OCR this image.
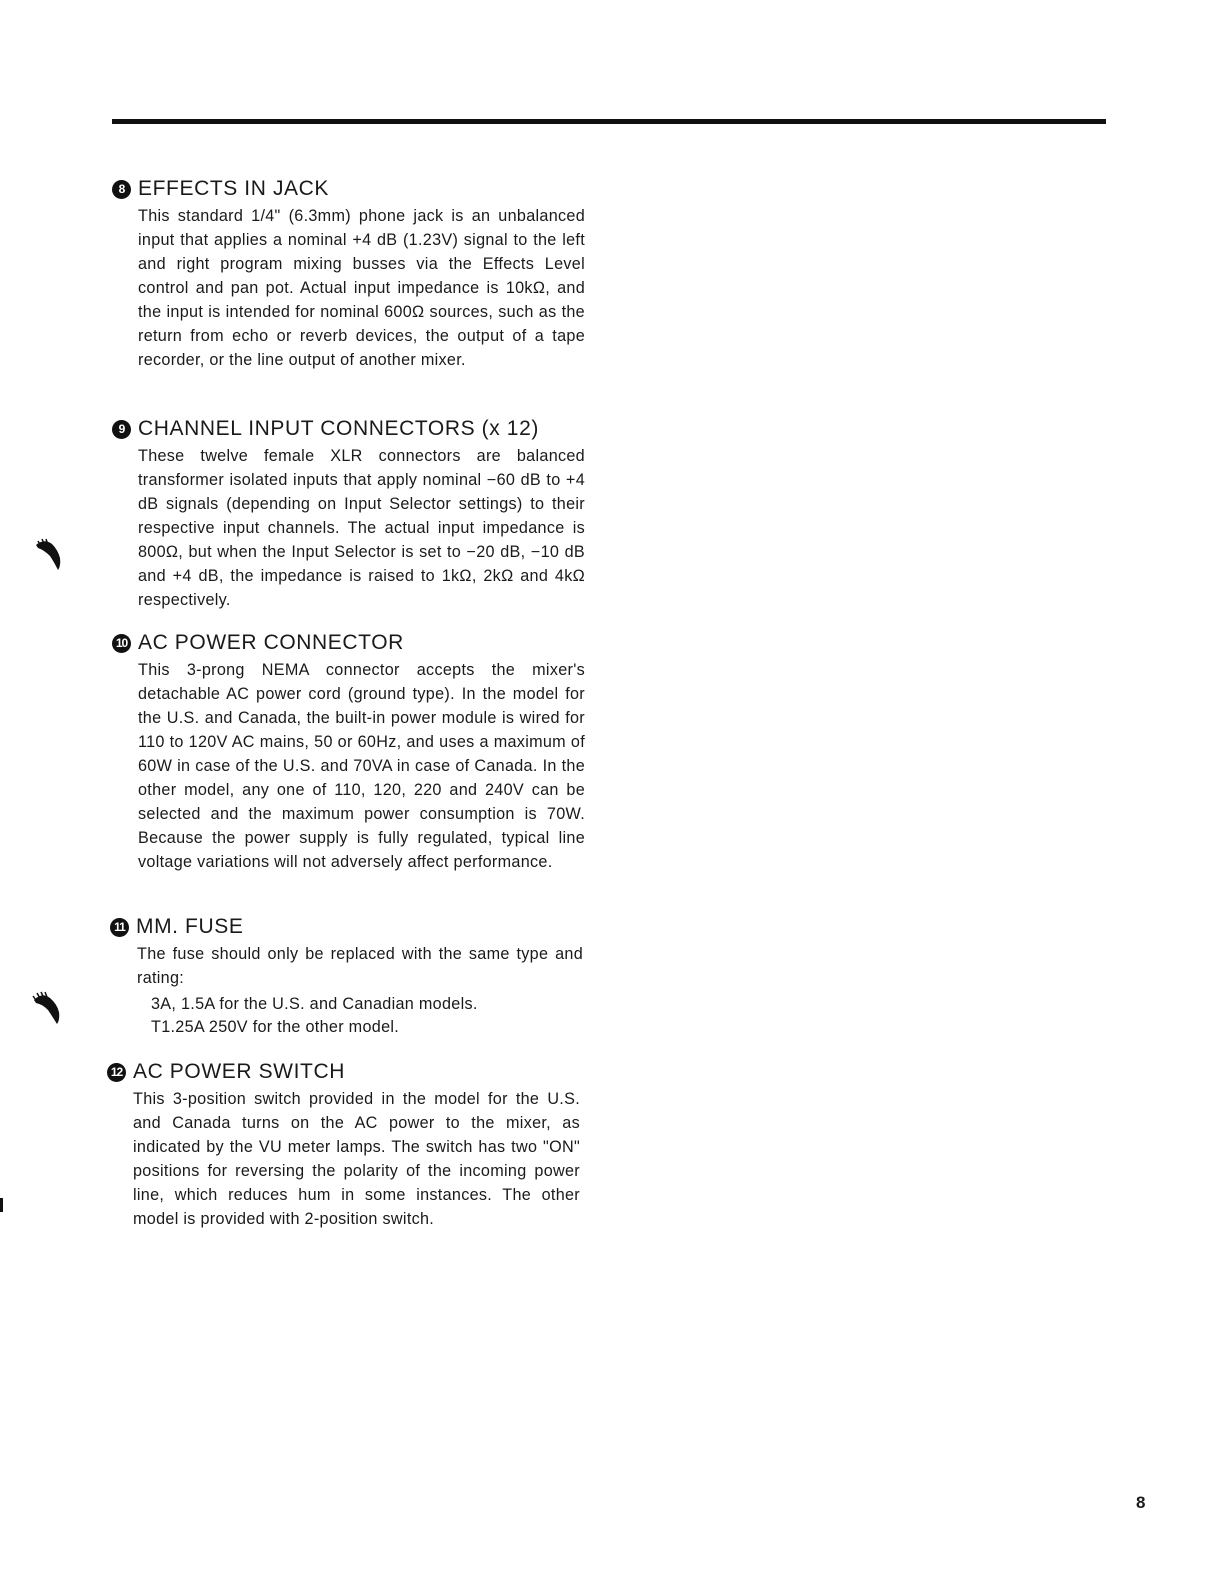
8 EFFECTS IN JACK

This standard 1/4" (6.3mm) phone jack is an unbalanced input that applies a nominal +4 dB (1.23V) signal to the left and right program mixing busses via the Effects Level control and pan pot. Actual input impedance is 10kΩ, and the input is intended for nominal 600Ω sources, such as the return from echo or reverb devices, the output of a tape recorder, or the line output of another mixer.

9 CHANNEL INPUT CONNECTORS (x 12)

These twelve female XLR connectors are balanced transformer isolated inputs that apply nominal −60 dB to +4 dB signals (depending on Input Selector settings) to their respective input channels. The actual input impedance is 800Ω, but when the Input Selector is set to −20 dB, −10 dB and +4 dB, the impedance is raised to 1kΩ, 2kΩ and 4kΩ respectively.

10 AC POWER CONNECTOR

This 3-prong NEMA connector accepts the mixer's detachable AC power cord (ground type). In the model for the U.S. and Canada, the built-in power module is wired for 110 to 120V AC mains, 50 or 60Hz, and uses a maximum of 60W in case of the U.S. and 70VA in case of Canada. In the other model, any one of 110, 120, 220 and 240V can be selected and the maximum power consumption is 70W. Because the power supply is fully regulated, typical line voltage variations will not adversely affect performance.

11 MM. FUSE

The fuse should only be replaced with the same type and rating:

3A, 1.5A for the U.S. and Canadian models.
T1.25A 250V for the other model.
12 AC POWER SWITCH

This 3-position switch provided in the model for the U.S. and Canada turns on the AC power to the mixer, as indicated by the VU meter lamps. The switch has two "ON" positions for reversing the polarity of the incoming power line, which reduces hum in some instances. The other model is provided with 2-position switch.

8
